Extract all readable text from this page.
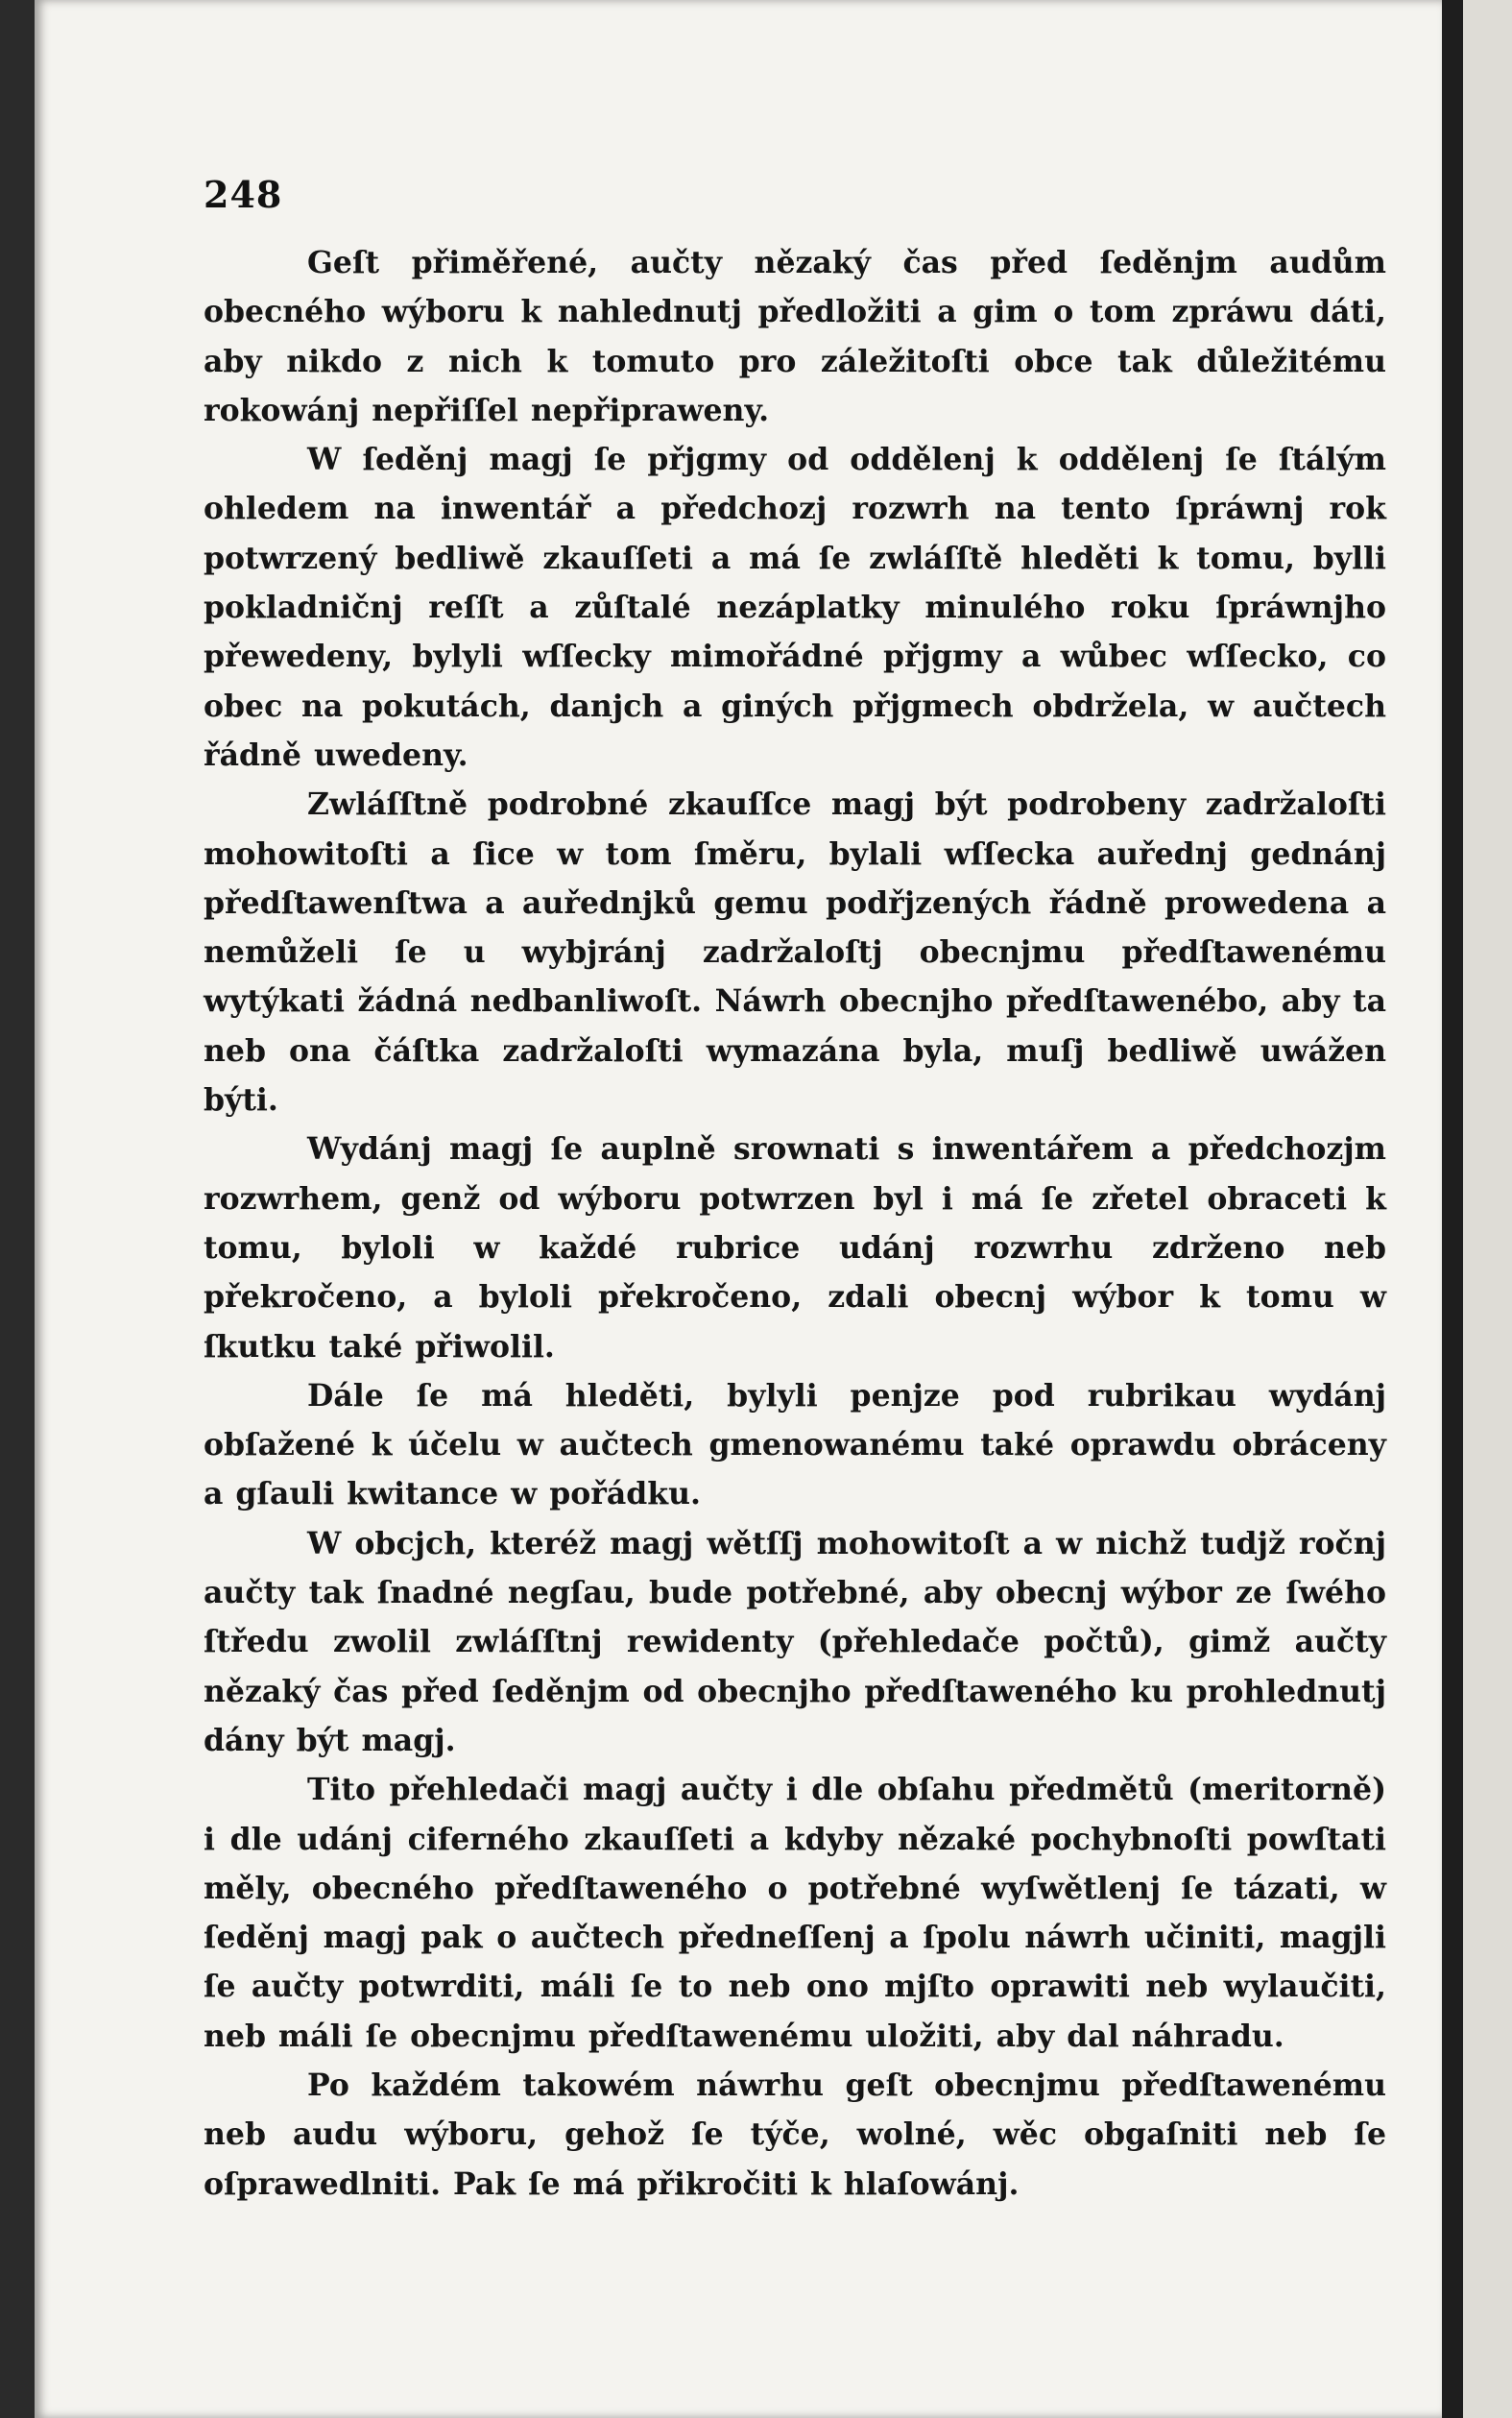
248

Geſt přiměřené, aučty nězaký čas před ſeděnjm audům obecného wýboru k nahlednutj předložiti a gim o tom zpráwu dáti, aby nikdo z nich k tomuto pro záležitoſti obce tak důležitému rokowánj nepřiſſel nepřipraweny.

W ſeděnj magj ſe přjgmy od oddělenj k oddělenj ſe ſtálým ohledem na inwentář a předchozj rozwrh na tento ſpráwnj rok potwrzený bedliwě zkauſſeti a má ſe zwláſſtě hleděti k tomu, bylli pokladničnj reſſt a zůſtalé nezáplatky minulého roku ſpráwnjho přewedeny, bylyli wſſecky mimořádné přjgmy a wůbec wſſecko, co obec na pokutách, danjch a giných přjgmech obdržela, w aučtech řádně uwedeny.

Zwláſſtně podrobné zkauſſce magj být podrobeny zadržaloſti mohowitoſti a ſice w tom ſměru, bylali wſſecka auřednj gednánj předſtawenſtwa a auřednjků gemu podřjzených řádně prowedena a nemůželi ſe u wybjránj zadržaloſtj obecnjmu předſtawenému wytýkati žádná nedbanliwoſt. Náwrh obecnjho předſtawenébo, aby ta neb ona čáſtka zadržaloſti wymazána byla, muſj bedliwě uwážen býti.

Wydánj magj ſe auplně srownati s inwentářem a předchozjm rozwrhem, genž od wýboru potwrzen byl i má ſe zřetel obraceti k tomu, byloli w každé rubrice udánj rozwrhu zdrženo neb překročeno, a byloli překročeno, zdali obecnj wýbor k tomu w ſkutku také přiwolil.

Dále ſe má hleděti, bylyli penjze pod rubrikau wydánj obſažené k účelu w aučtech gmenowanému také oprawdu obráceny a gſauli kwitance w pořádku.

W obcjch, kteréž magj wětſſj mohowitoſt a w nichž tudjž ročnj aučty tak ſnadné negſau, bude potřebné, aby obecnj wýbor ze ſwého ſtředu zwolil zwláſſtnj rewidenty (přehledače počtů), gimž aučty nězaký čas před ſeděnjm od obecnjho předſtaweného ku prohlednutj dány být magj.

Tito přehledači magj aučty i dle obſahu předmětů (meritorně) i dle udánj ciferného zkauſſeti a kdyby nězaké pochybnoſti powſtati měly, obecného předſtaweného o potřebné wyſwětlenj ſe tázati, w ſeděnj magj pak o aučtech předneſſenj a ſpolu náwrh učiniti, magjli ſe aučty potwrditi, máli ſe to neb ono mjſto oprawiti neb wylaučiti, neb máli ſe obecnjmu předſtawenému uložiti, aby dal náhradu.

Po každém takowém náwrhu geſt obecnjmu předſtawenému neb audu wýboru, gehož ſe týče, wolné, wěc obgaſniti neb ſe oſprawedlniti. Pak ſe má přikročiti k hlaſowánj.
